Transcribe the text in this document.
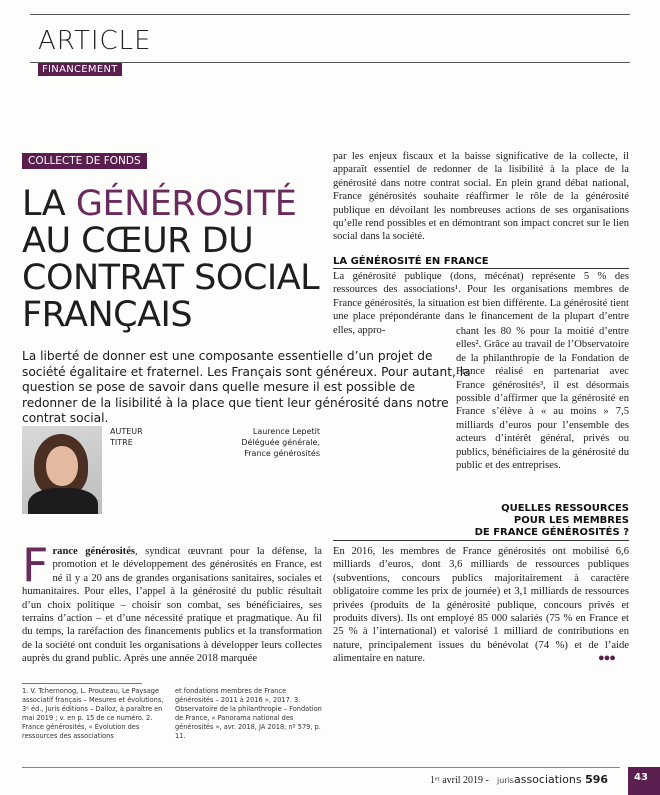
ARTICLE
FINANCEMENT
COLLECTE DE FONDS
LA GÉNÉROSITÉ
AU CŒUR DU
CONTRAT SOCIAL
FRANÇAIS
La liberté de donner est une composante essentielle d’un projet de société égalitaire et fraternel. Les Français sont généreux. Pour autant, la question se pose de savoir dans quelle mesure il est possible de redonner de la lisibilité à la place que tient leur générosité dans notre contrat social.
AUTEUR	Laurence Lepetit
TITRE	Déléguée générale,
France générosités
France générosités, syndicat œuvrant pour la défense, la promotion et le développement des générosités en France, est né il y a 20 ans de grandes organisations sanitaires, sociales et humanitaires. Pour elles, l’appel à la générosité du public résultait d’un choix politique – choisir son combat, ses bénéficiaires, ses terrains d’action – et d’une nécessité pratique et pragmatique. Au fil du temps, la raréfaction des financements publics et la transformation de la société ont conduit les organisations à développer leurs collectes auprès du grand public. Après une année 2018 marquée
par les enjeux fiscaux et la baisse significative de la collecte, il apparaît essentiel de redonner de la lisibilité à la place de la générosité dans notre contrat social. En plein grand débat national, France générosités souhaite réaffirmer le rôle de la générosité publique en dévoilant les nombreuses actions de ses organisations qu’elle rend possibles et en démontrant son impact concret sur le lien social dans la société.
LA GÉNÉROSITÉ EN FRANCE
La générosité publique (dons, mécénat) représente 5 % des ressources des associations¹. Pour les organisations membres de France générosités, la situation est bien différente. La générosité tient une place prépondérante dans le financement de la plupart d’entre elles, appro-	chant les 80 % pour la moitié d’entre elles². Grâce au travail de l’Observatoire de la philanthropie de la Fondation de France réalisé en partenariat avec France générosités³, il est désormais possible d’affirmer que la générosité en France s’élève à « au moins » 7,5 milliards d’euros pour l’ensemble des acteurs d’intérêt général, privés ou publics, bénéficiaires de la générosité du public et des entreprises.
QUELLES RESSOURCES
POUR LES MEMBRES
DE FRANCE GÉNÉROSITÉS ?
En 2016, les membres de France générosités ont mobilisé 6,6 milliards d’euros, dont 3,6 milliards de ressources publiques (subventions, concours publics majoritairement à caractère obligatoire comme les prix de journée) et 3,1 milliards de ressources privées (produits de la générosité publique, concours privés et produits divers). Ils ont employé 85 000 salariés (75 % en France et 25 % à l’international) et valorisé 1 milliard de contributions en nature, principalement issues du bénévolat (74 %) et de l’aide alimentaire en nature.	●●●
1. V. Tchernonog, L. Prouteau, Le Paysage associatif français – Mesures et évolutions, 3ᵉ éd., Juris éditions – Dalloz, à paraître en mai 2019 ; v. en p. 15 de ce numéro. 2. France générosités, « Évolution des ressources des associations
et fondations membres de France générosités – 2011 à 2016 », 2017. 3. Observatoire de la philanthropie – Fondation de France, « Panorama national des générosités », avr. 2018, JA 2018, nº 579, p. 11.
1ᵉʳ avril 2019 - jurisassociations 596	43
